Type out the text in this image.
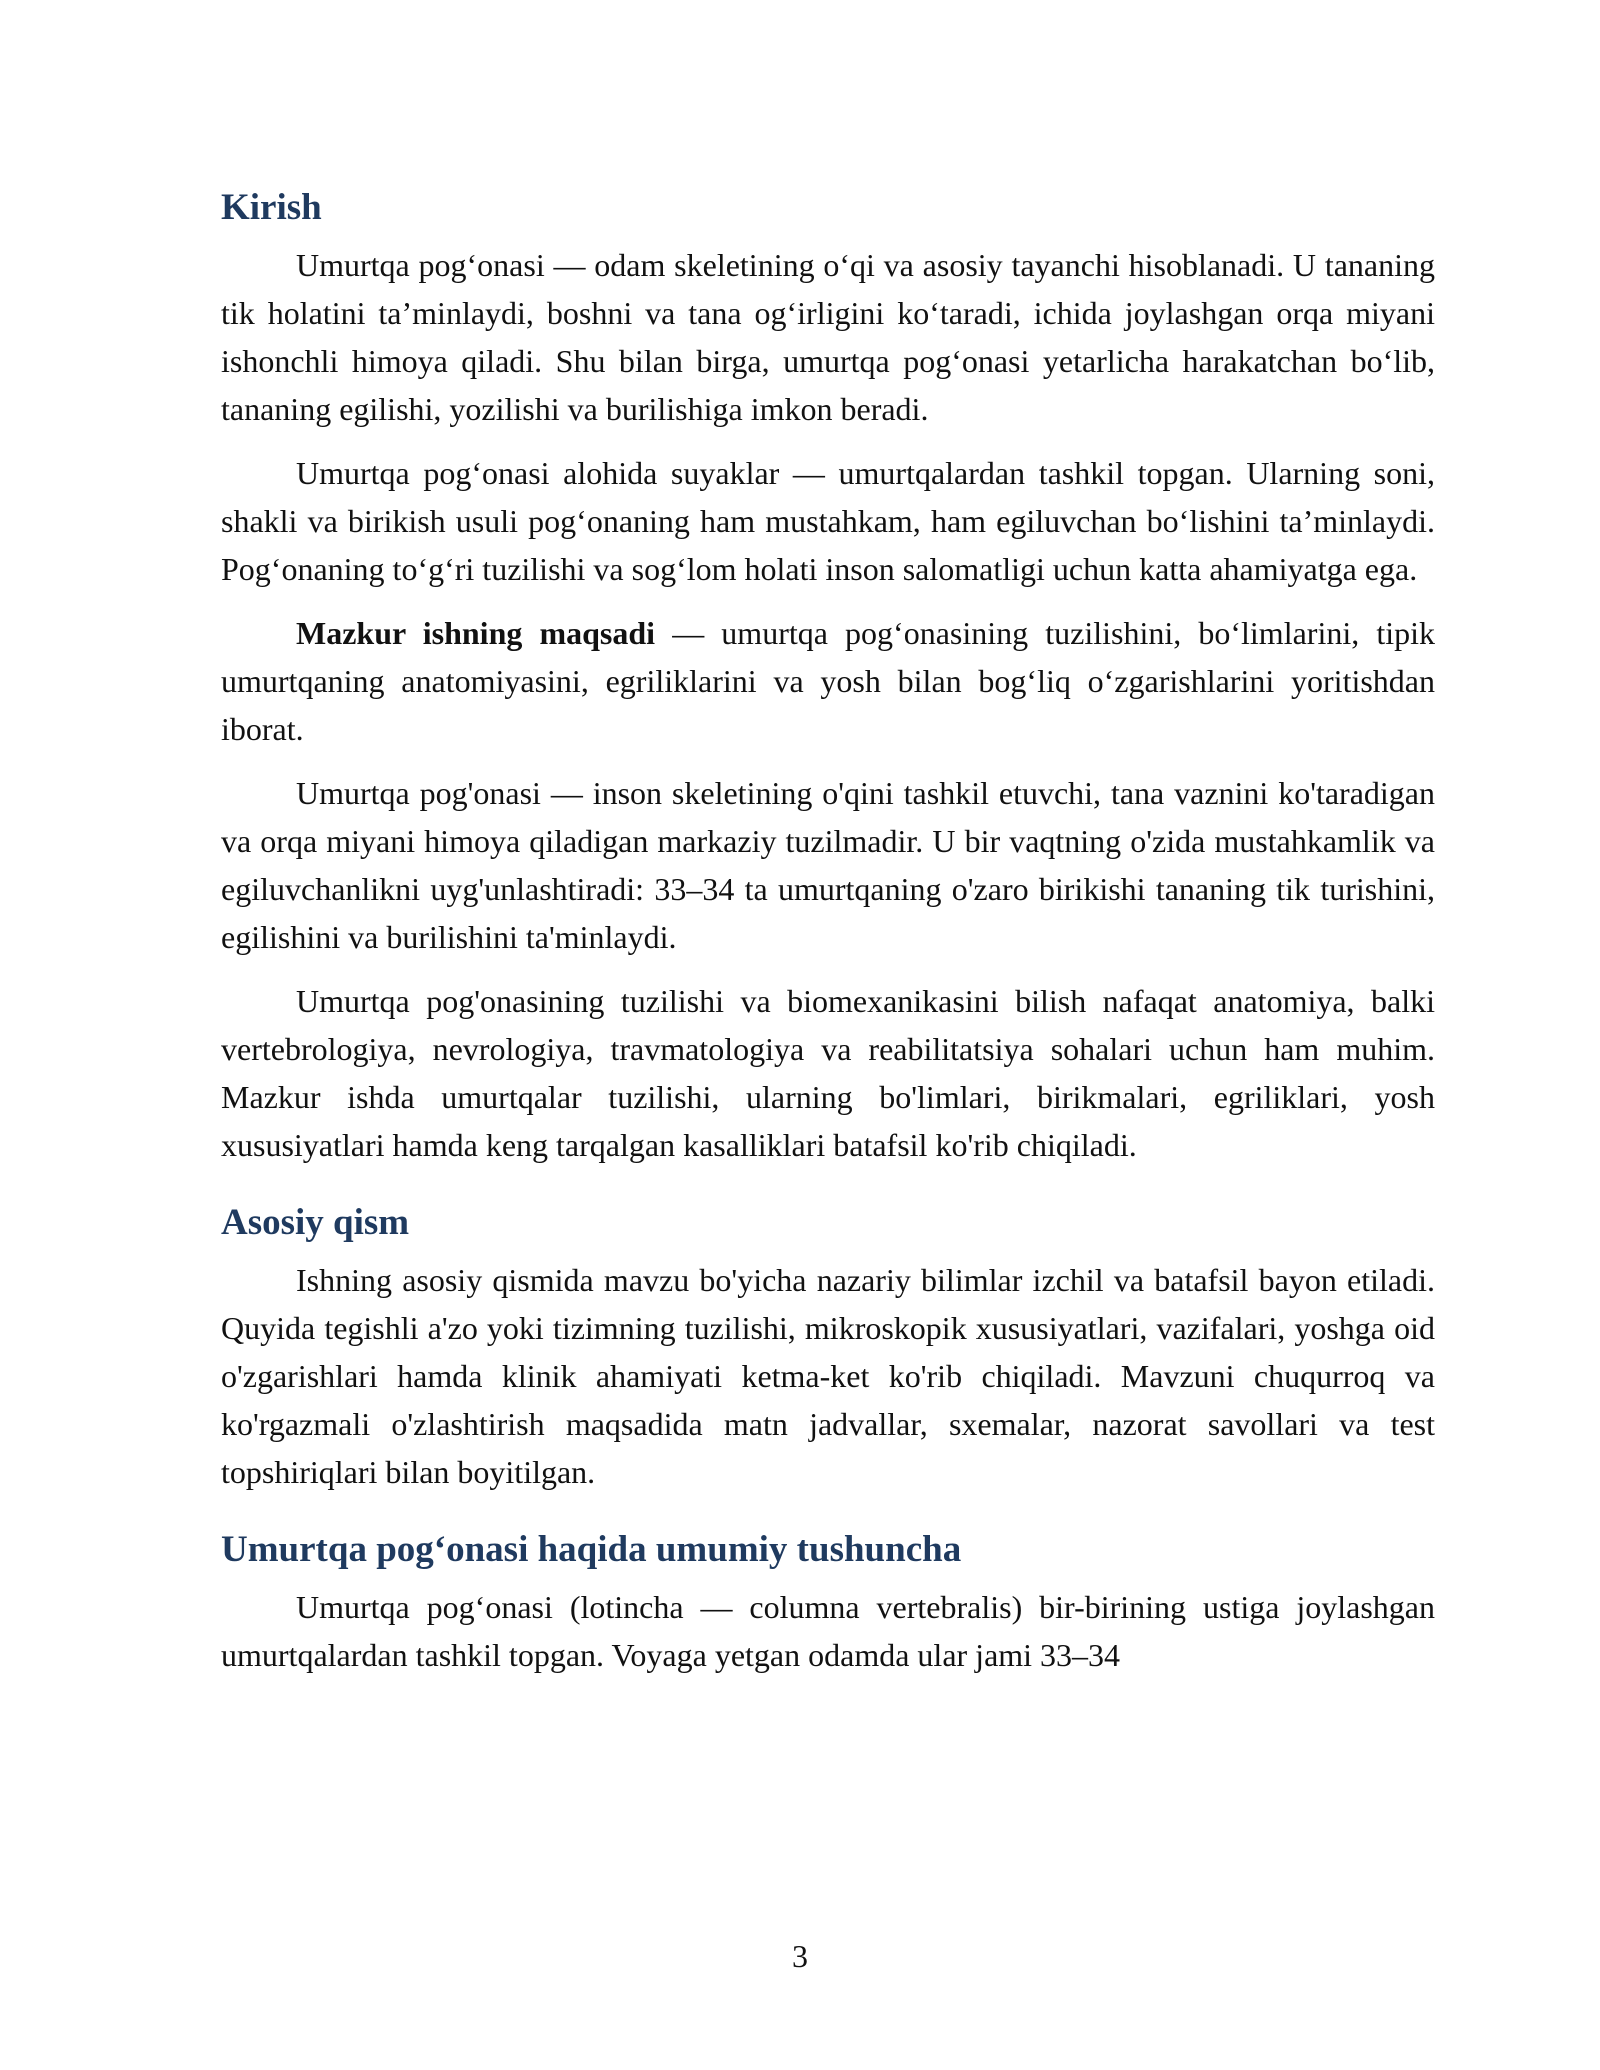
Kirish

Umurtqa pog‘onasi — odam skeletining o‘qi va asosiy tayanchi hisoblanadi. U tananing tik holatini ta’minlaydi, boshni va tana og‘irligini ko‘taradi, ichida joylashgan orqa miyani ishonchli himoya qiladi. Shu bilan birga, umurtqa pog‘onasi yetarlicha harakatchan bo‘lib, tananing egilishi, yozilishi va burilishiga imkon beradi.

Umurtqa pog‘onasi alohida suyaklar — umurtqalardan tashkil topgan. Ularning soni, shakli va birikish usuli pog‘onaning ham mustahkam, ham egiluvchan bo‘lishini ta’minlaydi. Pog‘onaning to‘g‘ri tuzilishi va sog‘lom holati inson salomatligi uchun katta ahamiyatga ega.

Mazkur ishning maqsadi — umurtqa pog‘onasining tuzilishini, bo‘limlarini, tipik umurtqaning anatomiyasini, egriliklarini va yosh bilan bog‘liq o‘zgarishlarini yoritishdan iborat.

Umurtqa pog'onasi — inson skeletining o'qini tashkil etuvchi, tana vaznini ko'taradigan va orqa miyani himoya qiladigan markaziy tuzilmadir. U bir vaqtning o'zida mustahkamlik va egiluvchanlikni uyg'unlashtiradi: 33–34 ta umurtqaning o'zaro birikishi tananing tik turishini, egilishini va burilishini ta'minlaydi.

Umurtqa pog'onasining tuzilishi va biomexanikasini bilish nafaqat anatomiya, balki vertebrologiya, nevrologiya, travmatologiya va reabilitatsiya sohalari uchun ham muhim. Mazkur ishda umurtqalar tuzilishi, ularning bo'limlari, birikmalari, egriliklari, yosh xususiyatlari hamda keng tarqalgan kasalliklari batafsil ko'rib chiqiladi.

Asosiy qism

Ishning asosiy qismida mavzu bo'yicha nazariy bilimlar izchil va batafsil bayon etiladi. Quyida tegishli a'zo yoki tizimning tuzilishi, mikroskopik xususiyatlari, vazifalari, yoshga oid o'zgarishlari hamda klinik ahamiyati ketma-ket ko'rib chiqiladi. Mavzuni chuqurroq va ko'rgazmali o'zlashtirish maqsadida matn jadvallar, sxemalar, nazorat savollari va test topshiriqlari bilan boyitilgan.

Umurtqa pog‘onasi haqida umumiy tushuncha

Umurtqa pog‘onasi (lotincha — columna vertebralis) bir-birining ustiga joylashgan umurtqalardan tashkil topgan. Voyaga yetgan odamda ular jami 33–34

3
